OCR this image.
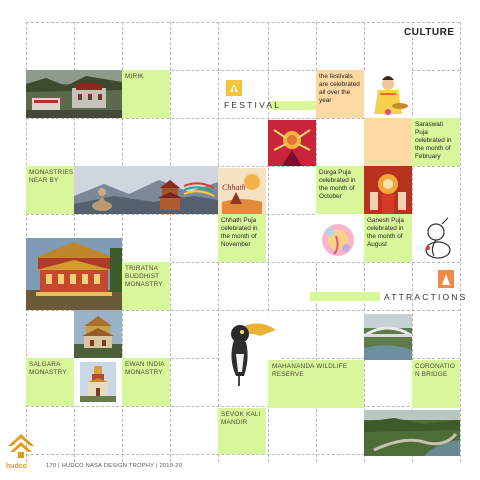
CULTURE
MIRIK
MONASTRIES NEAR BY
TRIRATNA BUDDHIST MONASTRY
SALGARA MONASTRY
EWAN INDIA MONASTRY
FESTIVAL
the festivals are celebrated all over the year
Saraswati Puja celebrated in the month of February
Chhath
Durga Puja celebrated in the month of October
Chhath Puja celebrated in the month of November
Ganesh Puja celebrated in the month of August
ATTRACTIONS
MAHANANDA WILDLIFE RESERVE
CORONATIO N BRIDGE
SEVOK KALI MANDIR
hudco	170 | HUDCO NASA DESIGN TROPHY | 2019-20
